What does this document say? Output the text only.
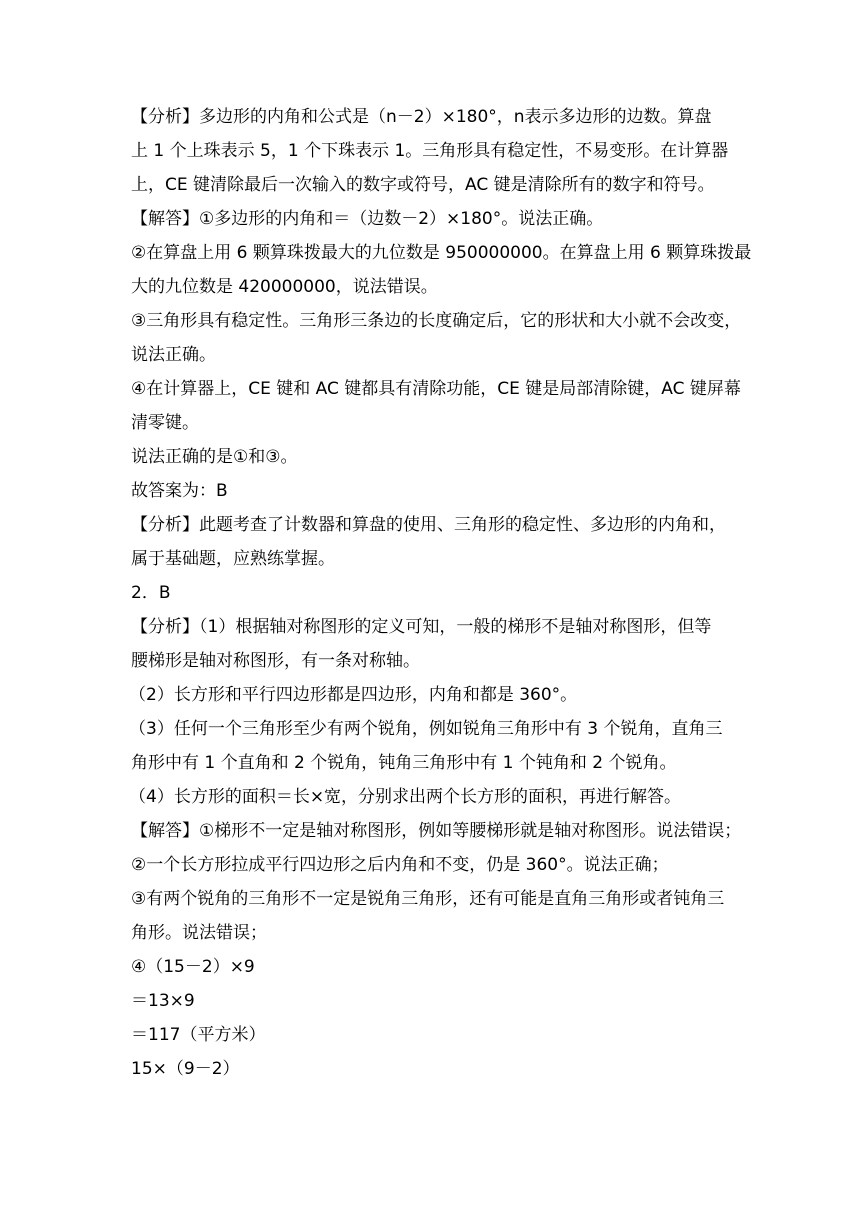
【分析】多边形的内角和公式是（n－2）×180°，n表示多边形的边数。算盘
上 1 个上珠表示 5，1 个下珠表示 1。三角形具有稳定性，不易变形。在计算器
上，CE 键清除最后一次输入的数字或符号，AC 键是清除所有的数字和符号。
【解答】①多边形的内角和＝（边数－2）×180°。说法正确。
②在算盘上用 6 颗算珠拨最大的九位数是 950000000。在算盘上用 6 颗算珠拨最
大的九位数是 420000000，说法错误。
③三角形具有稳定性。三角形三条边的长度确定后，它的形状和大小就不会改变，
说法正确。
④在计算器上，CE 键和 AC 键都具有清除功能，CE 键是局部清除键，AC 键屏幕
清零键。
说法正确的是①和③。
故答案为：B
【分析】此题考查了计数器和算盘的使用、三角形的稳定性、多边形的内角和，
属于基础题，应熟练掌握。
2．B
【分析】（1）根据轴对称图形的定义可知，一般的梯形不是轴对称图形，但等
腰梯形是轴对称图形，有一条对称轴。
（2）长方形和平行四边形都是四边形，内角和都是 360°。
（3）任何一个三角形至少有两个锐角，例如锐角三角形中有 3 个锐角，直角三
角形中有 1 个直角和 2 个锐角，钝角三角形中有 1 个钝角和 2 个锐角。
（4）长方形的面积＝长×宽，分别求出两个长方形的面积，再进行解答。
【解答】①梯形不一定是轴对称图形，例如等腰梯形就是轴对称图形。说法错误；
②一个长方形拉成平行四边形之后内角和不变，仍是 360°。说法正确；
③有两个锐角的三角形不一定是锐角三角形，还有可能是直角三角形或者钝角三
角形。说法错误；
④（15－2）×9
＝13×9
＝117（平方米）
15×（9－2）
